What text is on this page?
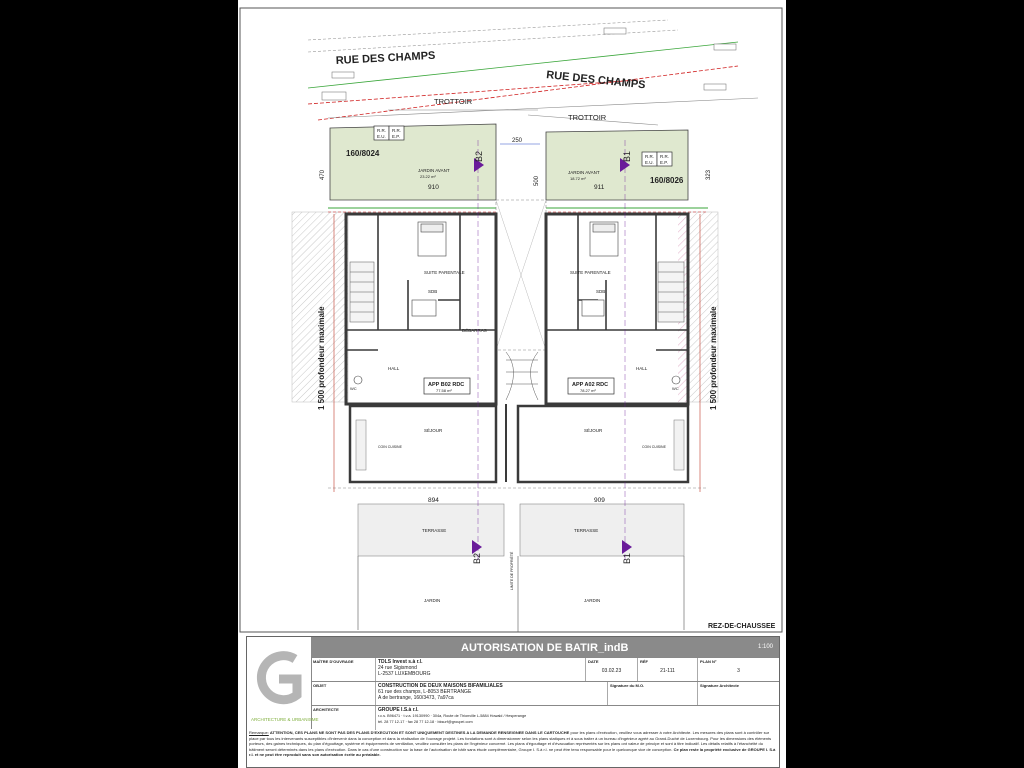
RUE DES CHAMPS
RUE DES CHAMPS
TROTTOIR
TROTTOIR
R.R.
E.U.
R.R.
E.P.
R.R.
E.U.
R.R.
E.P.
160/8024
160/8026
JARDIN AVANT
23.22 m²
JARDIN AVANT
18.72 m²
910	911
470	323
250
500
SUITE PARENTALE	SUITE PARENTALE
SDB	SDB
DÉBARRAS
HALL	HALL
WC	WC
APP B02 RDC
77.58 m²
APP A02 RDC
78.27 m²
SÉJOUR	SÉJOUR
COIN CUISINE	COIN CUISINE
TERRASSE	TERRASSE
894	909
JARDIN	JARDIN
LIMITE DE PROPRIÉTÉ
B2
B2
B1
B1
1 500 profondeur maximale	1 500 profondeur maximale
REZ-DE-CHAUSSEE
ARCHITECTURE & URBANISME
AUTORISATION DE BATIR_indB	1:100
MAÎTRE D'OUVRAGE	TDLS Invest s.à r.l.
24 rue Sigismond
L-2537 LUXEMBOURG
DATE
03.02.23
RÉF
21-111
PLAN N°
3
OBJET	CONSTRUCTION DE DEUX MAISONS BIFAMILIALES
61 rue des champs, L-8053 BERTRANGE
A de bertrange, 160/3473, 7a97ca
Signature du M.O.	Signature Architecte
ARCHITECTE	GROUPE I.S.à r.l.
r.c.s. B96471 · t.v.a. 19130990 · 304a, Route de Thionville L-5884 Howald / Hesperange
tél. 28 77 12-17 · fax 28 77 12-18 · bksurf@groupei.com
Remarque: ATTENTION, CES PLANS NE SONT PAS DES PLANS D'EXECUTION ET SONT UNIQUEMENT DESTINES A LA DEMANDE RENSEIGNEE DANS LE CARTOUCHE pour les plans d'exécution, veuillez vous adresser à votre Architecte. Les mesures des plans sont à contrôler sur place par tous les intervenants susceptibles d'intervenir dans la conception et dans la réalisation de l'ouvrage projeté. Les fondations sont à dimensionner selon les plans statiques et à sous traiter à un bureau d'ingénieur agréé au Grand-Duché de Luxembourg. Pour les dimensions des éléments porteurs, des gaines techniques, du plan d'égouttage, système et équipements de ventilation, veuillez consulter les plans de l'ingénieur concerné. Les plans d'égouttage et d'évacuation représentés sur les plans ont valeur de principe et sont à titre indicatif. Les détails relatifs à l'étanchéité du bâtiment seront déterminés dans les plans d'exécution. Dans le cas d'une construction sur la base de l'autorisation de bâtir sans étude complémentaire, Groupe I. S.à r.l. ne peut être tenu responsable pour le quelconque vice de conception. Ce plan reste la propriété exclusive de GROUPE I. S.à r.l. et ne peut être reproduit sans son autorisation écrite au préalable.
